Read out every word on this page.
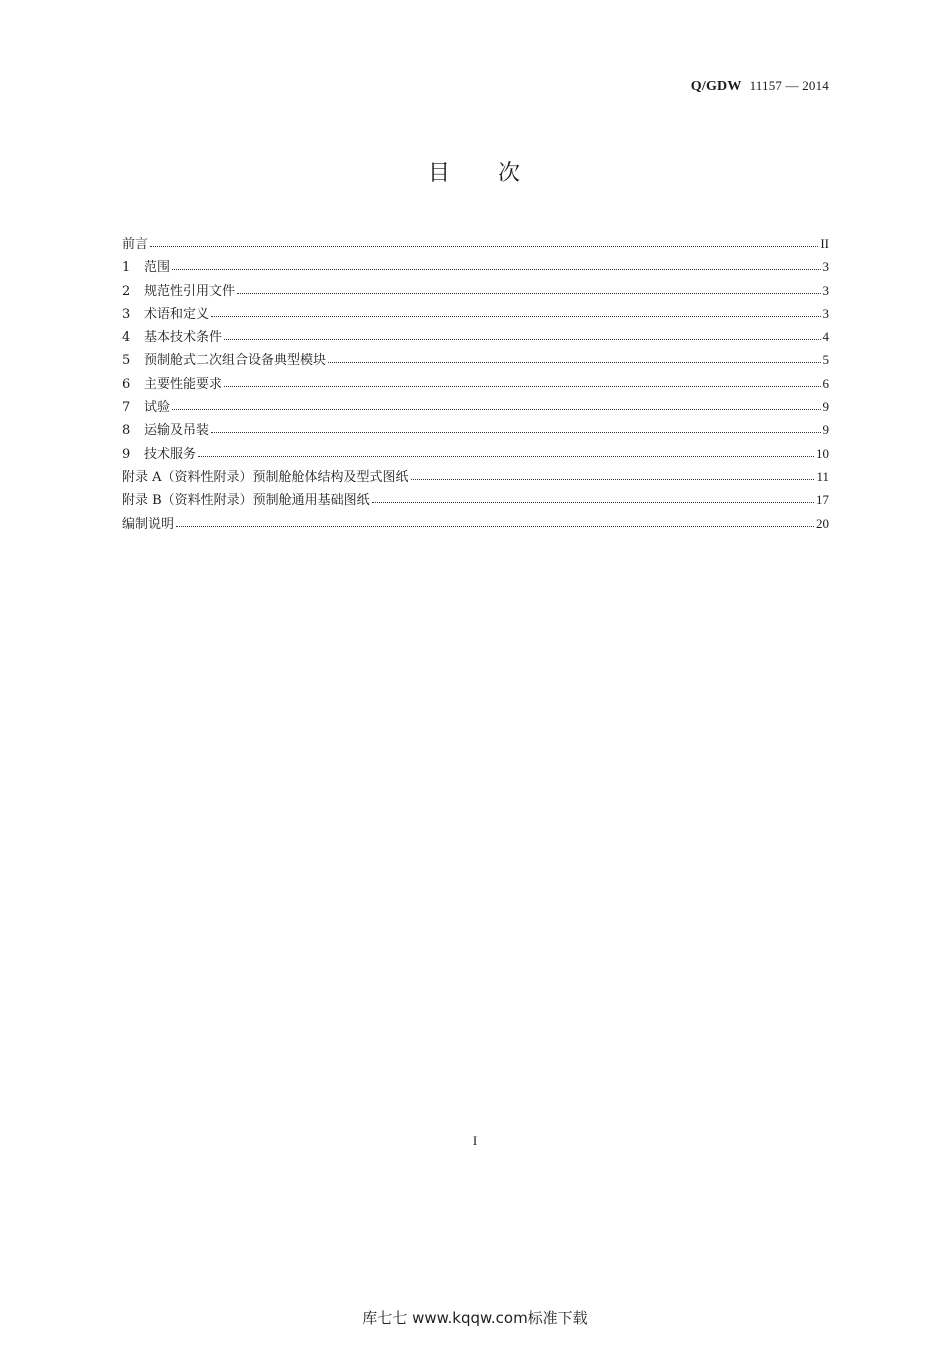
Q/GDW 11157 — 2014
目 次
前言	II
1	范围	3
2	规范性引用文件	3
3	术语和定义	3
4	基本技术条件	4
5	预制舱式二次组合设备典型模块	5
6	主要性能要求	6
7	试验	9
8	运输及吊装	9
9	技术服务	10
附录 A（资料性附录）预制舱舱体结构及型式图纸	11
附录 B（资料性附录）预制舱通用基础图纸	17
编制说明	20
I
库七七 www.kqqw.com标准下载
